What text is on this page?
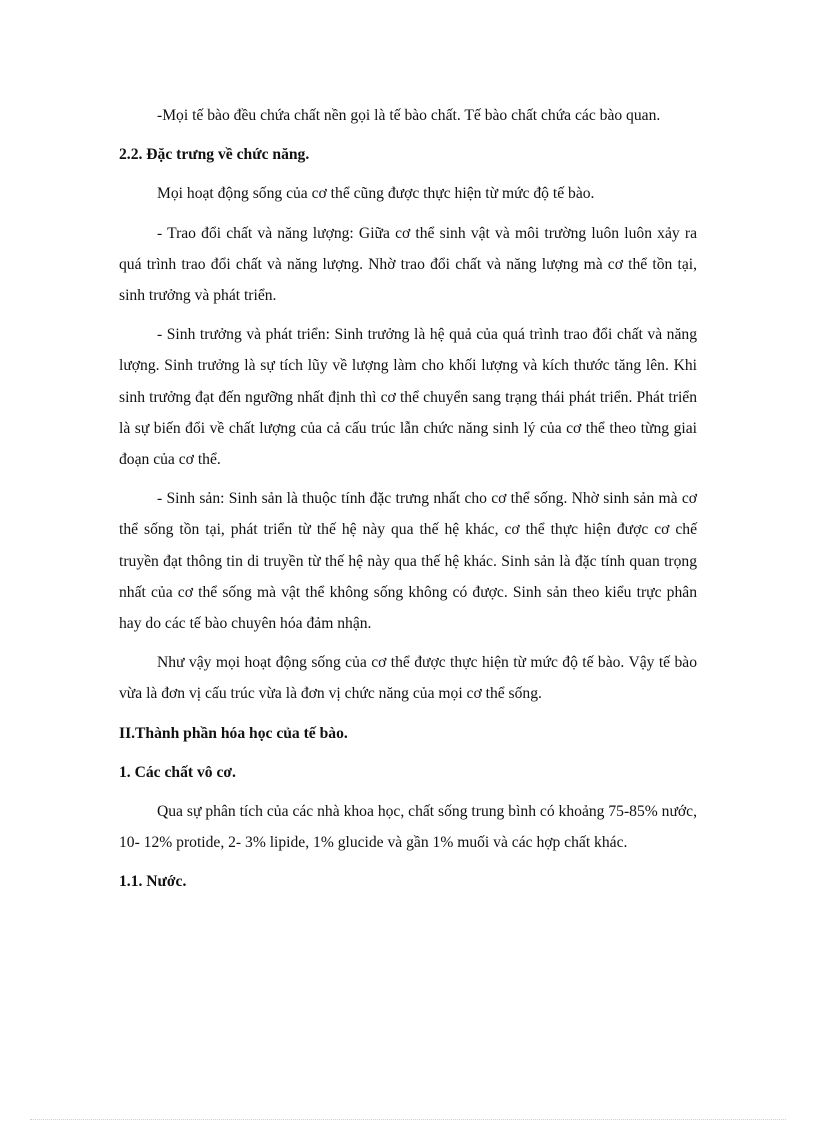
-Mọi tế bào đều chứa chất nền gọi là tế bào chất. Tế bào chất chứa các bào quan.

2.2. Đặc trưng về chức năng.

Mọi hoạt động sống của cơ thể cũng được thực hiện từ mức độ tế bào.

- Trao đổi chất và năng lượng: Giữa cơ thể sinh vật và môi trường luôn luôn xảy ra quá trình trao đổi chất và năng lượng. Nhờ trao đổi chất và năng lượng mà cơ thể tồn tại, sinh trưởng và phát triển.

- Sinh trưởng và phát triển: Sinh trưởng là hệ quả của quá trình trao đổi chất và năng lượng. Sinh trưởng là sự tích lũy về lượng làm cho khối lượng và kích thước tăng lên. Khi sinh trưởng đạt đến ngưỡng nhất định thì cơ thể chuyển sang trạng thái phát triển. Phát triển là sự biến đổi về chất lượng của cả cấu trúc lẫn chức năng sinh lý của cơ thể theo từng giai đoạn của cơ thể.

- Sinh sản: Sinh sản là thuộc tính đặc trưng nhất cho cơ thể sống. Nhờ sinh sản mà cơ thể sống tồn tại, phát triển từ thế hệ này qua thế hệ khác, cơ thể thực hiện được cơ chế truyền đạt thông tin di truyền từ thế hệ này qua thế hệ khác. Sinh sản là đặc tính quan trọng nhất của cơ thể sống mà vật thể không sống không có được. Sinh sản theo kiểu trực phân hay do các tế bào chuyên hóa đảm nhận.

Như vậy mọi hoạt động sống của cơ thể được thực hiện từ mức độ tế bào. Vậy tế bào vừa là đơn vị cấu trúc vừa là đơn vị chức năng của mọi cơ thể sống.

II.Thành phần hóa học của tế bào.

1. Các chất vô cơ.

Qua sự phân tích của các nhà khoa học, chất sống trung bình có khoảng 75-85% nước, 10- 12% protide, 2- 3% lipide, 1% glucide và gần 1% muối và các hợp chất khác.

1.1. Nước.
